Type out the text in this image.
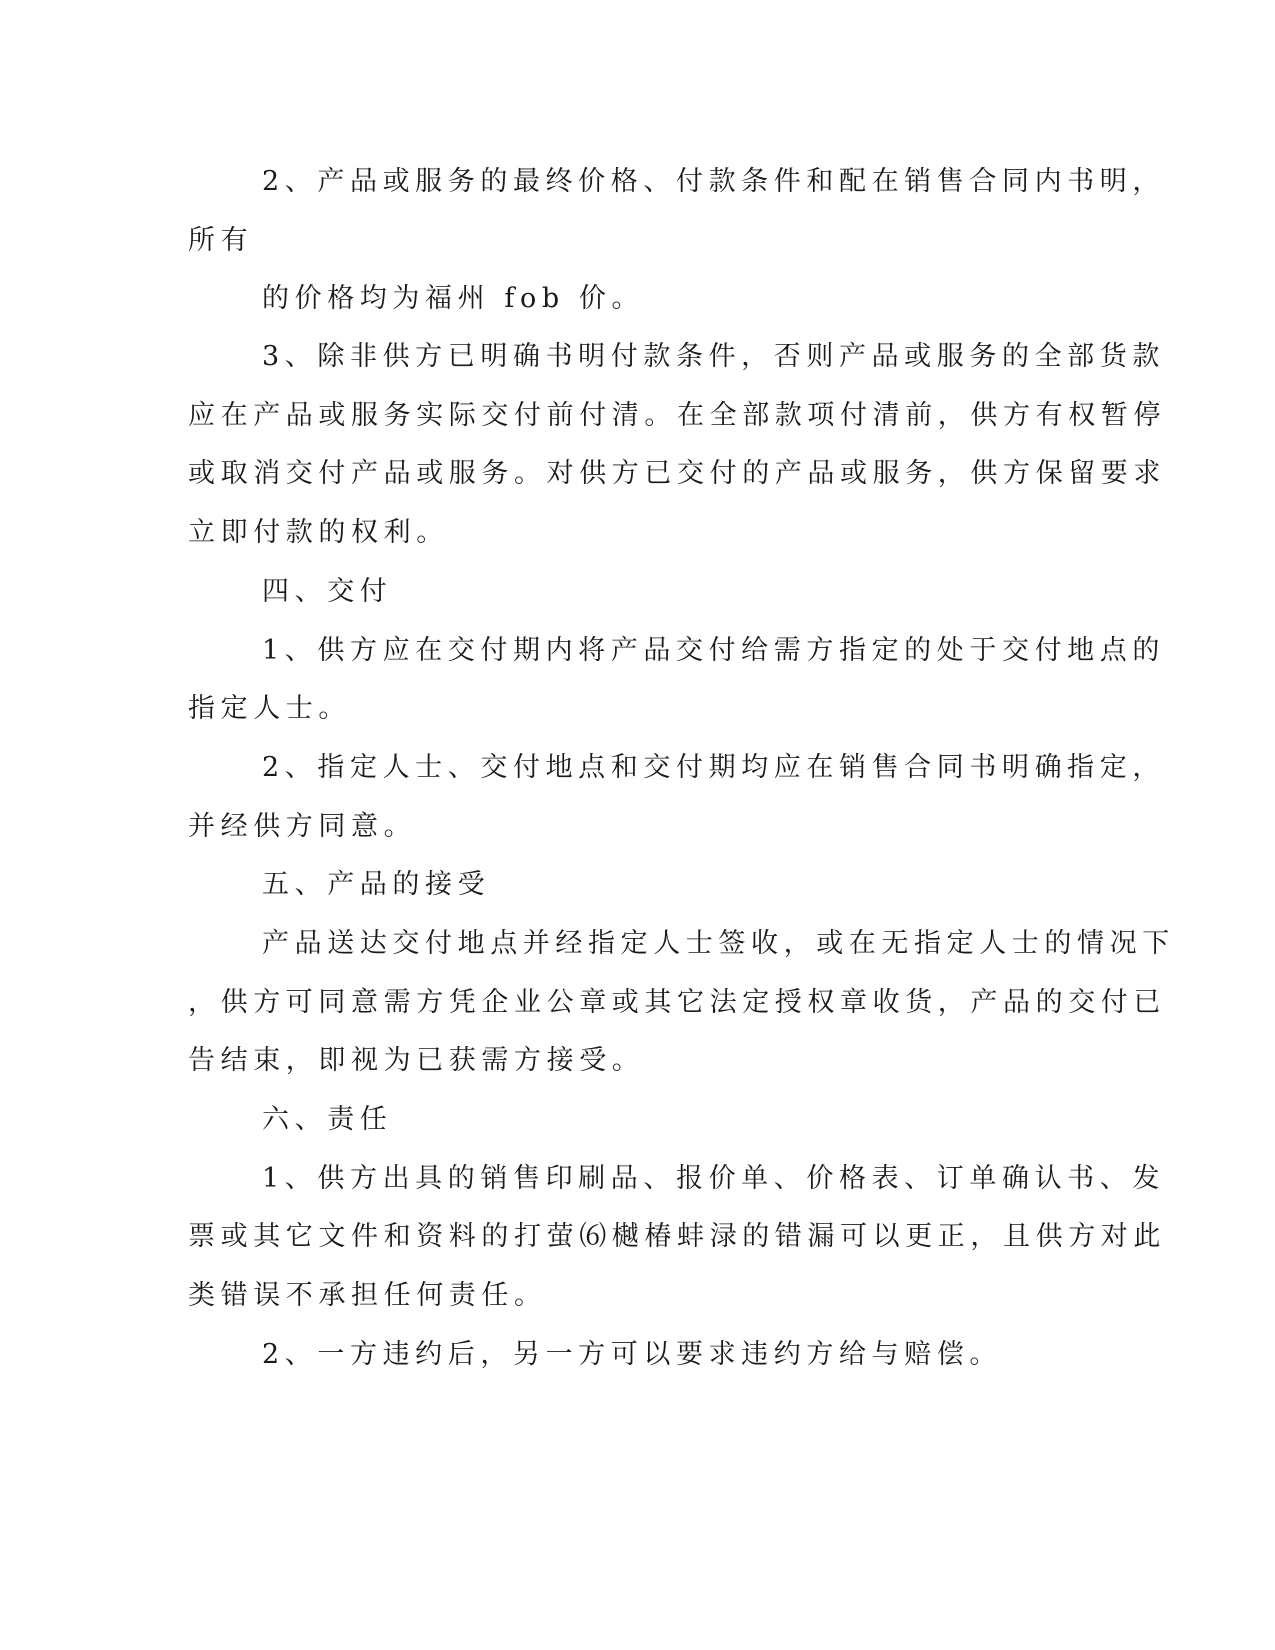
2、产品或服务的最终价格、付款条件和配在销售合同内书明，
所有
的价格均为福州 fob 价。
3、除非供方已明确书明付款条件，否则产品或服务的全部货款
应在产品或服务实际交付前付清。在全部款项付清前，供方有权暂停
或取消交付产品或服务。对供方已交付的产品或服务，供方保留要求
立即付款的权利。
四、交付
1、供方应在交付期内将产品交付给需方指定的处于交付地点的
指定人士。
2、指定人士、交付地点和交付期均应在销售合同书明确指定，
并经供方同意。
五、产品的接受
产品送达交付地点并经指定人士签收，或在无指定人士的情况下
，供方可同意需方凭企业公章或其它法定授权章收货，产品的交付已
告结束，即视为已获需方接受。
六、责任
1、供方出具的销售印刷品、报价单、价格表、订单确认书、发
票或其它文件和资料的打萤⑹樾椿蚌渌的错漏可以更正，且供方对此
类错误不承担任何责任。
2、一方违约后，另一方可以要求违约方给与赔偿。
